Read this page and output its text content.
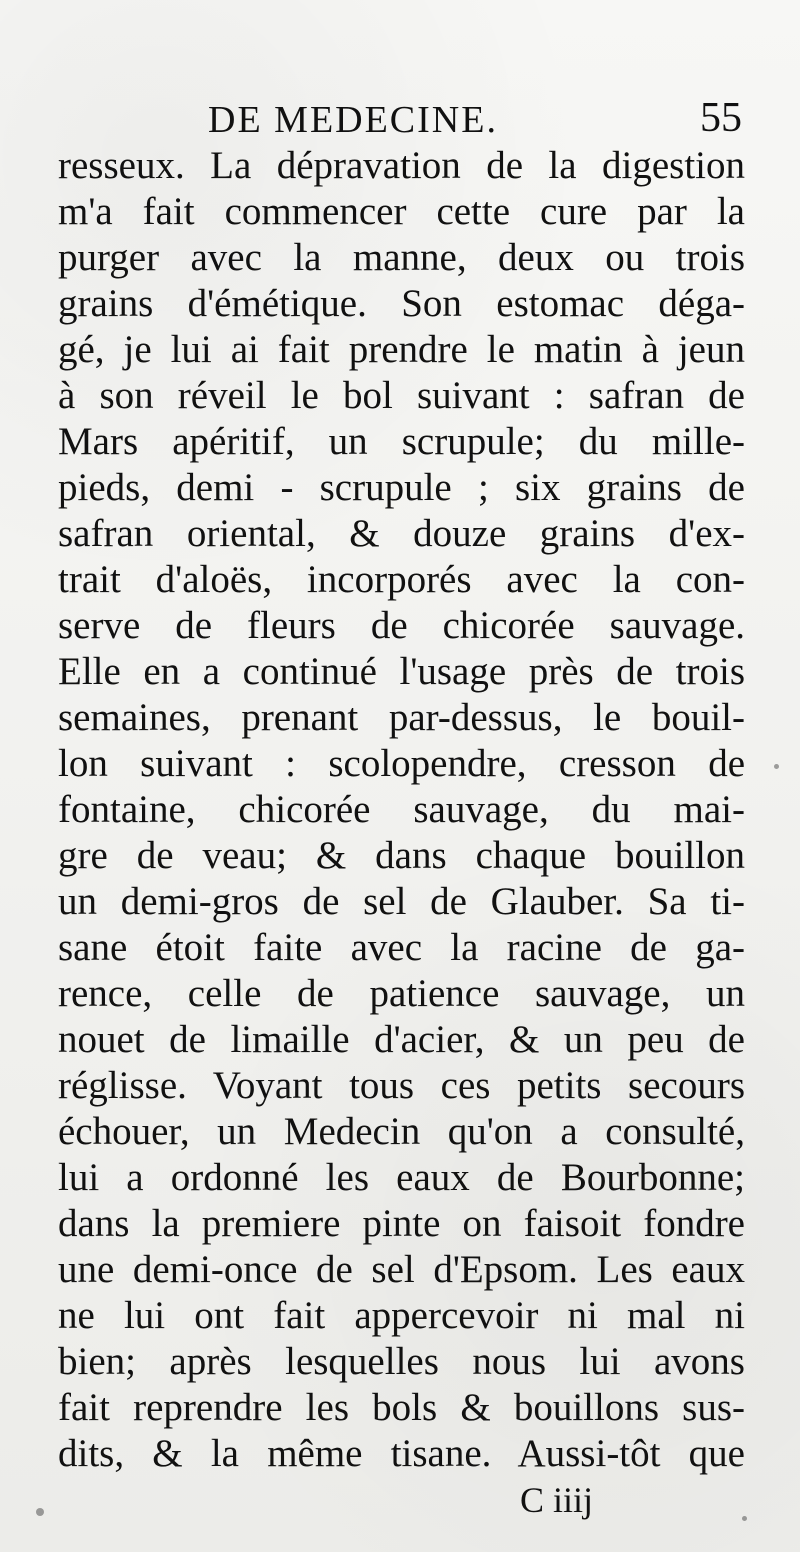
DE MEDECINE.	55
resseux. La dépravation de la digestion
m'a fait commencer cette cure par la
purger avec la manne, deux ou trois
grains d'émétique. Son estomac déga-
gé, je lui ai fait prendre le matin à jeun
à son réveil le bol suivant : safran de
Mars apéritif, un scrupule; du mille-
pieds, demi - scrupule ; six grains de
safran oriental, & douze grains d'ex-
trait d'aloës, incorporés avec la con-
serve de fleurs de chicorée sauvage.
Elle en a continué l'usage près de trois
semaines, prenant par-dessus, le bouil-
lon suivant : scolopendre, cresson de
fontaine, chicorée sauvage, du mai-
gre de veau; & dans chaque bouillon
un demi-gros de sel de Glauber. Sa ti-
sane étoit faite avec la racine de ga-
rence, celle de patience sauvage, un
nouet de limaille d'acier, & un peu de
réglisse. Voyant tous ces petits secours
échouer, un Medecin qu'on a consulté,
lui a ordonné les eaux de Bourbonne;
dans la premiere pinte on faisoit fondre
une demi-once de sel d'Epsom. Les eaux
ne lui ont fait appercevoir ni mal ni
bien; après lesquelles nous lui avons
fait reprendre les bols & bouillons sus-
dits, & la même tisane. Aussi-tôt que
C iiij
